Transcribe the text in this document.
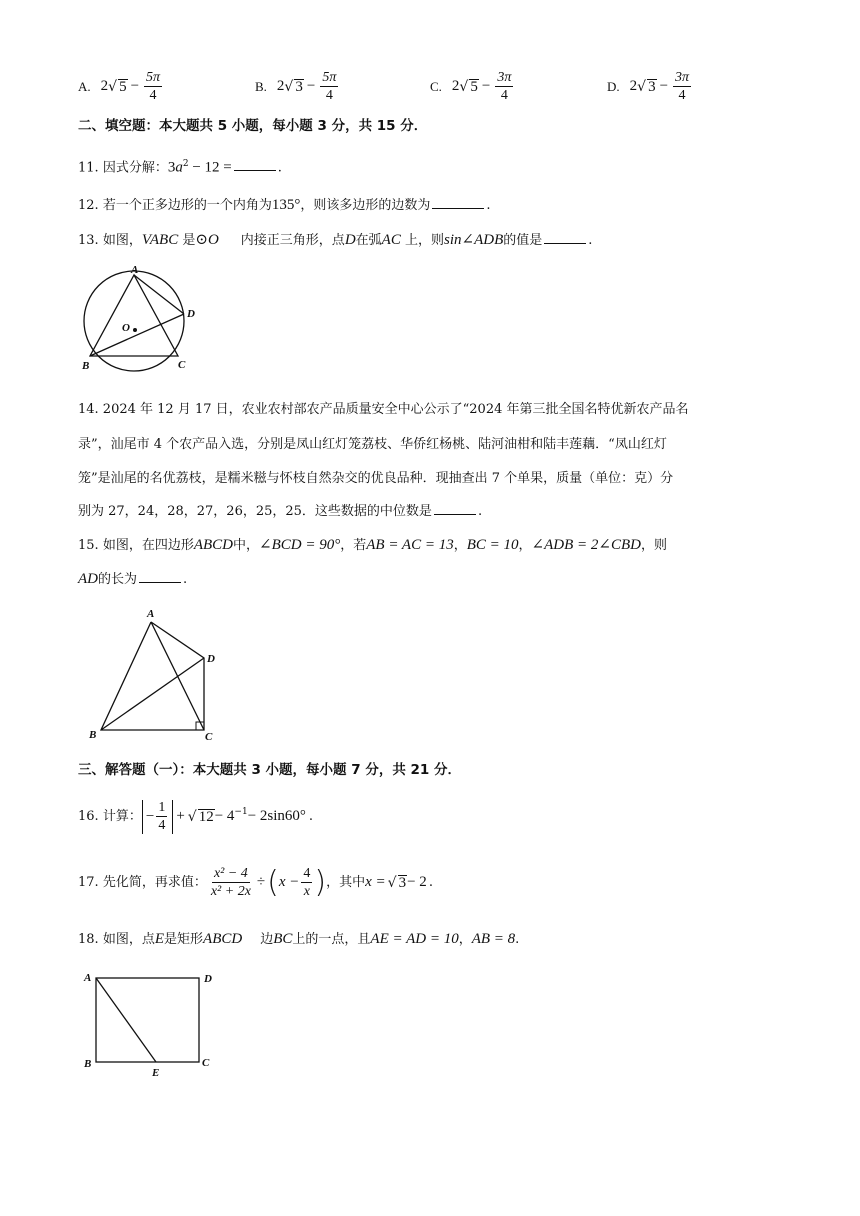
A. 2 √ $5 - \frac{5\pi}{4}$	B. 2 √ $3 - \frac{5\pi}{4}$	C. 2 √ $5 - \frac{3\pi}{4}$	D. 2 √ $3 - \frac{3\pi}{4}$
二、填空题：本大题共 5 小题，每小题 3 分，共 15 分．
11. 因式分解：$3a^2 - 12$ =	.
12. 若一个正多边形的一个内角为135°，则该多边形的边数为	.
13. 如图，VABC 是⊙O 内接正三角形，点D在弧AC 上，则sin∠ADB的值是	.
A
B	C
D
O
14. 2024 年 12 月 17 日，农业农村部农产品质量安全中心公示了“2024 年第三批全国名特优新农产品名
录”，汕尾市 4 个农产品入选，分别是凤山红灯笼荔枝、华侨红杨桃、陆河油柑和陆丰莲藕．“凤山红灯
笼”是汕尾的名优荔枝，是糯米糍与怀枝自然杂交的优良品种．现抽查出 7 个单果，质量（单位：克）分
别为 27，24，28，27，26，25，25．这些数据的中位数是	.
15. 如图，在四边形ABCD中，∠BCD = 90°，若AB = AC = 13，BC = 10，∠ADB = 2∠CBD，则
AD的长为	.
A
B	C
D
三、解答题（一）：本大题共 3 小题，每小题 7 分，共 21 分．
16.
计算： − $\frac{1}{4}$ + √ $12 - 4^{-1} - 2\sin 60^\circ$ .
17.
先化简，再求值： $\frac{\text{x² − 4}}{\text{x² + 2x}}$ ÷ ( $x - \frac{4}{x}$ ) ，其中 x = √ 3 − 2 .
18. 如图，点E是矩形ABCD 边BC上的一点，且AE = AD = 10，AB = 8.
A
B	C
D
E
